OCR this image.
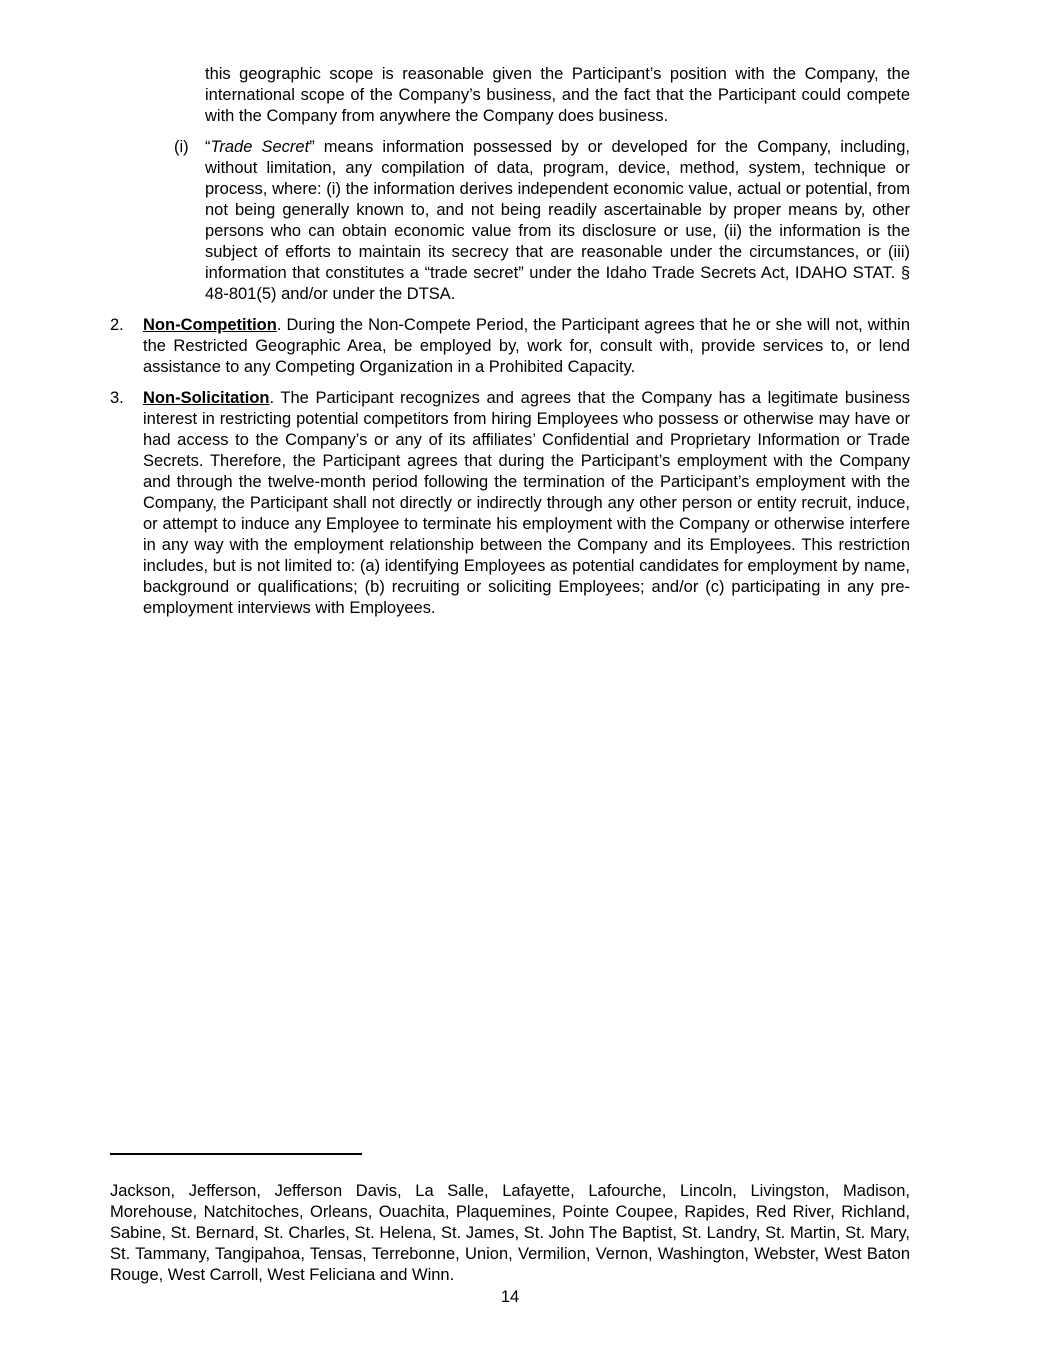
this geographic scope is reasonable given the Participant’s position with the Company, the international scope of the Company’s business, and the fact that the Participant could compete with the Company from anywhere the Company does business.
(i) “Trade Secret” means information possessed by or developed for the Company, including, without limitation, any compilation of data, program, device, method, system, technique or process, where: (i) the information derives independent economic value, actual or potential, from not being generally known to, and not being readily ascertainable by proper means by, other persons who can obtain economic value from its disclosure or use, (ii) the information is the subject of efforts to maintain its secrecy that are reasonable under the circumstances, or (iii) information that constitutes a “trade secret” under the Idaho Trade Secrets Act, IDAHO STAT. § 48-801(5) and/or under the DTSA.
2. Non-Competition. During the Non-Compete Period, the Participant agrees that he or she will not, within the Restricted Geographic Area, be employed by, work for, consult with, provide services to, or lend assistance to any Competing Organization in a Prohibited Capacity.
3. Non-Solicitation. The Participant recognizes and agrees that the Company has a legitimate business interest in restricting potential competitors from hiring Employees who possess or otherwise may have or had access to the Company’s or any of its affiliates’ Confidential and Proprietary Information or Trade Secrets. Therefore, the Participant agrees that during the Participant’s employment with the Company and through the twelve-month period following the termination of the Participant’s employment with the Company, the Participant shall not directly or indirectly through any other person or entity recruit, induce, or attempt to induce any Employee to terminate his employment with the Company or otherwise interfere in any way with the employment relationship between the Company and its Employees. This restriction includes, but is not limited to: (a) identifying Employees as potential candidates for employment by name, background or qualifications; (b) recruiting or soliciting Employees; and/or (c) participating in any pre-employment interviews with Employees.
Jackson, Jefferson, Jefferson Davis, La Salle, Lafayette, Lafourche, Lincoln, Livingston, Madison, Morehouse, Natchitoches, Orleans, Ouachita, Plaquemines, Pointe Coupee, Rapides, Red River, Richland, Sabine, St. Bernard, St. Charles, St. Helena, St. James, St. John The Baptist, St. Landry, St. Martin, St. Mary, St. Tammany, Tangipahoa, Tensas, Terrebonne, Union, Vermilion, Vernon, Washington, Webster, West Baton Rouge, West Carroll, West Feliciana and Winn.
14
